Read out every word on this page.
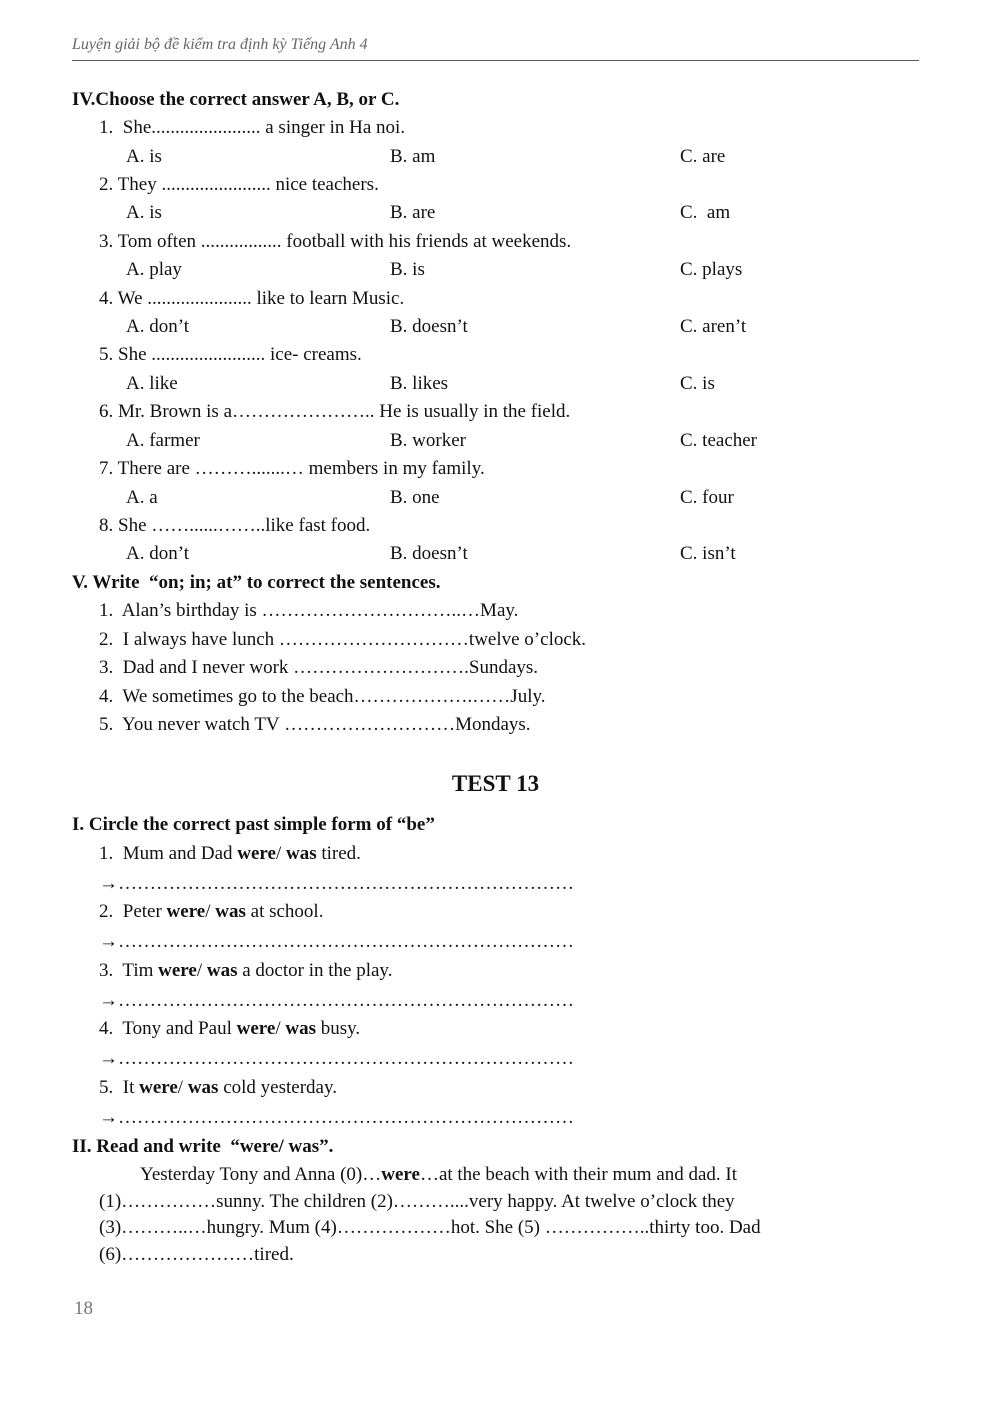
Luyện giải bộ đề kiểm tra định kỳ Tiếng Anh 4
IV.Choose the correct answer A, B, or C.
1.  She....................... a singer in Ha noi.
A. is	B. am	C. are
2. They ....................... nice teachers.
A. is	B. are	C.  am
3. Tom often ................. football with his friends at weekends.
A. play	B. is	C. plays
4. We ...................... like to learn Music.
A. don’t	B. doesn’t	C. aren’t
5. She ........................ ice- creams.
A. like	B. likes	C. is
6. Mr. Brown is a………………….. He is usually in the field.
A. farmer	B. worker	C. teacher
7. There are ……….......… members in my family.
A. a	B. one	C. four
8. She ……......……..like fast food.
A. don’t	B. doesn’t	C. isn’t
V. Write  “on; in; at” to correct the sentences.
1.  Alan’s birthday is …………………………..…May.
2.  I always have lunch …………………………twelve o’clock.
3.  Dad and I never work ……………………….Sundays.
4.  We sometimes go to the beach……………….……July.
5.  You never watch TV ………………………Mondays.
TEST 13
I. Circle the correct past simple form of “be”
1.  Mum and Dad were/ was tired.
→………………………………………………………………
2.  Peter were/ was at school.
→………………………………………………………………
3.  Tim were/ was a doctor in the play.
→………………………………………………………………
4.  Tony and Paul were/ was busy.
→………………………………………………………………
5.  It were/ was cold yesterday.
→………………………………………………………………
II. Read and write  “were/ was”.
Yesterday Tony and Anna (0)…were…at the beach with their mum and dad. It
(1)……………sunny. The children (2)………....very happy. At twelve o’clock they
(3)………..…hungry. Mum (4)………………hot. She (5) ……………..thirty too. Dad
(6)…………………tired.
18
